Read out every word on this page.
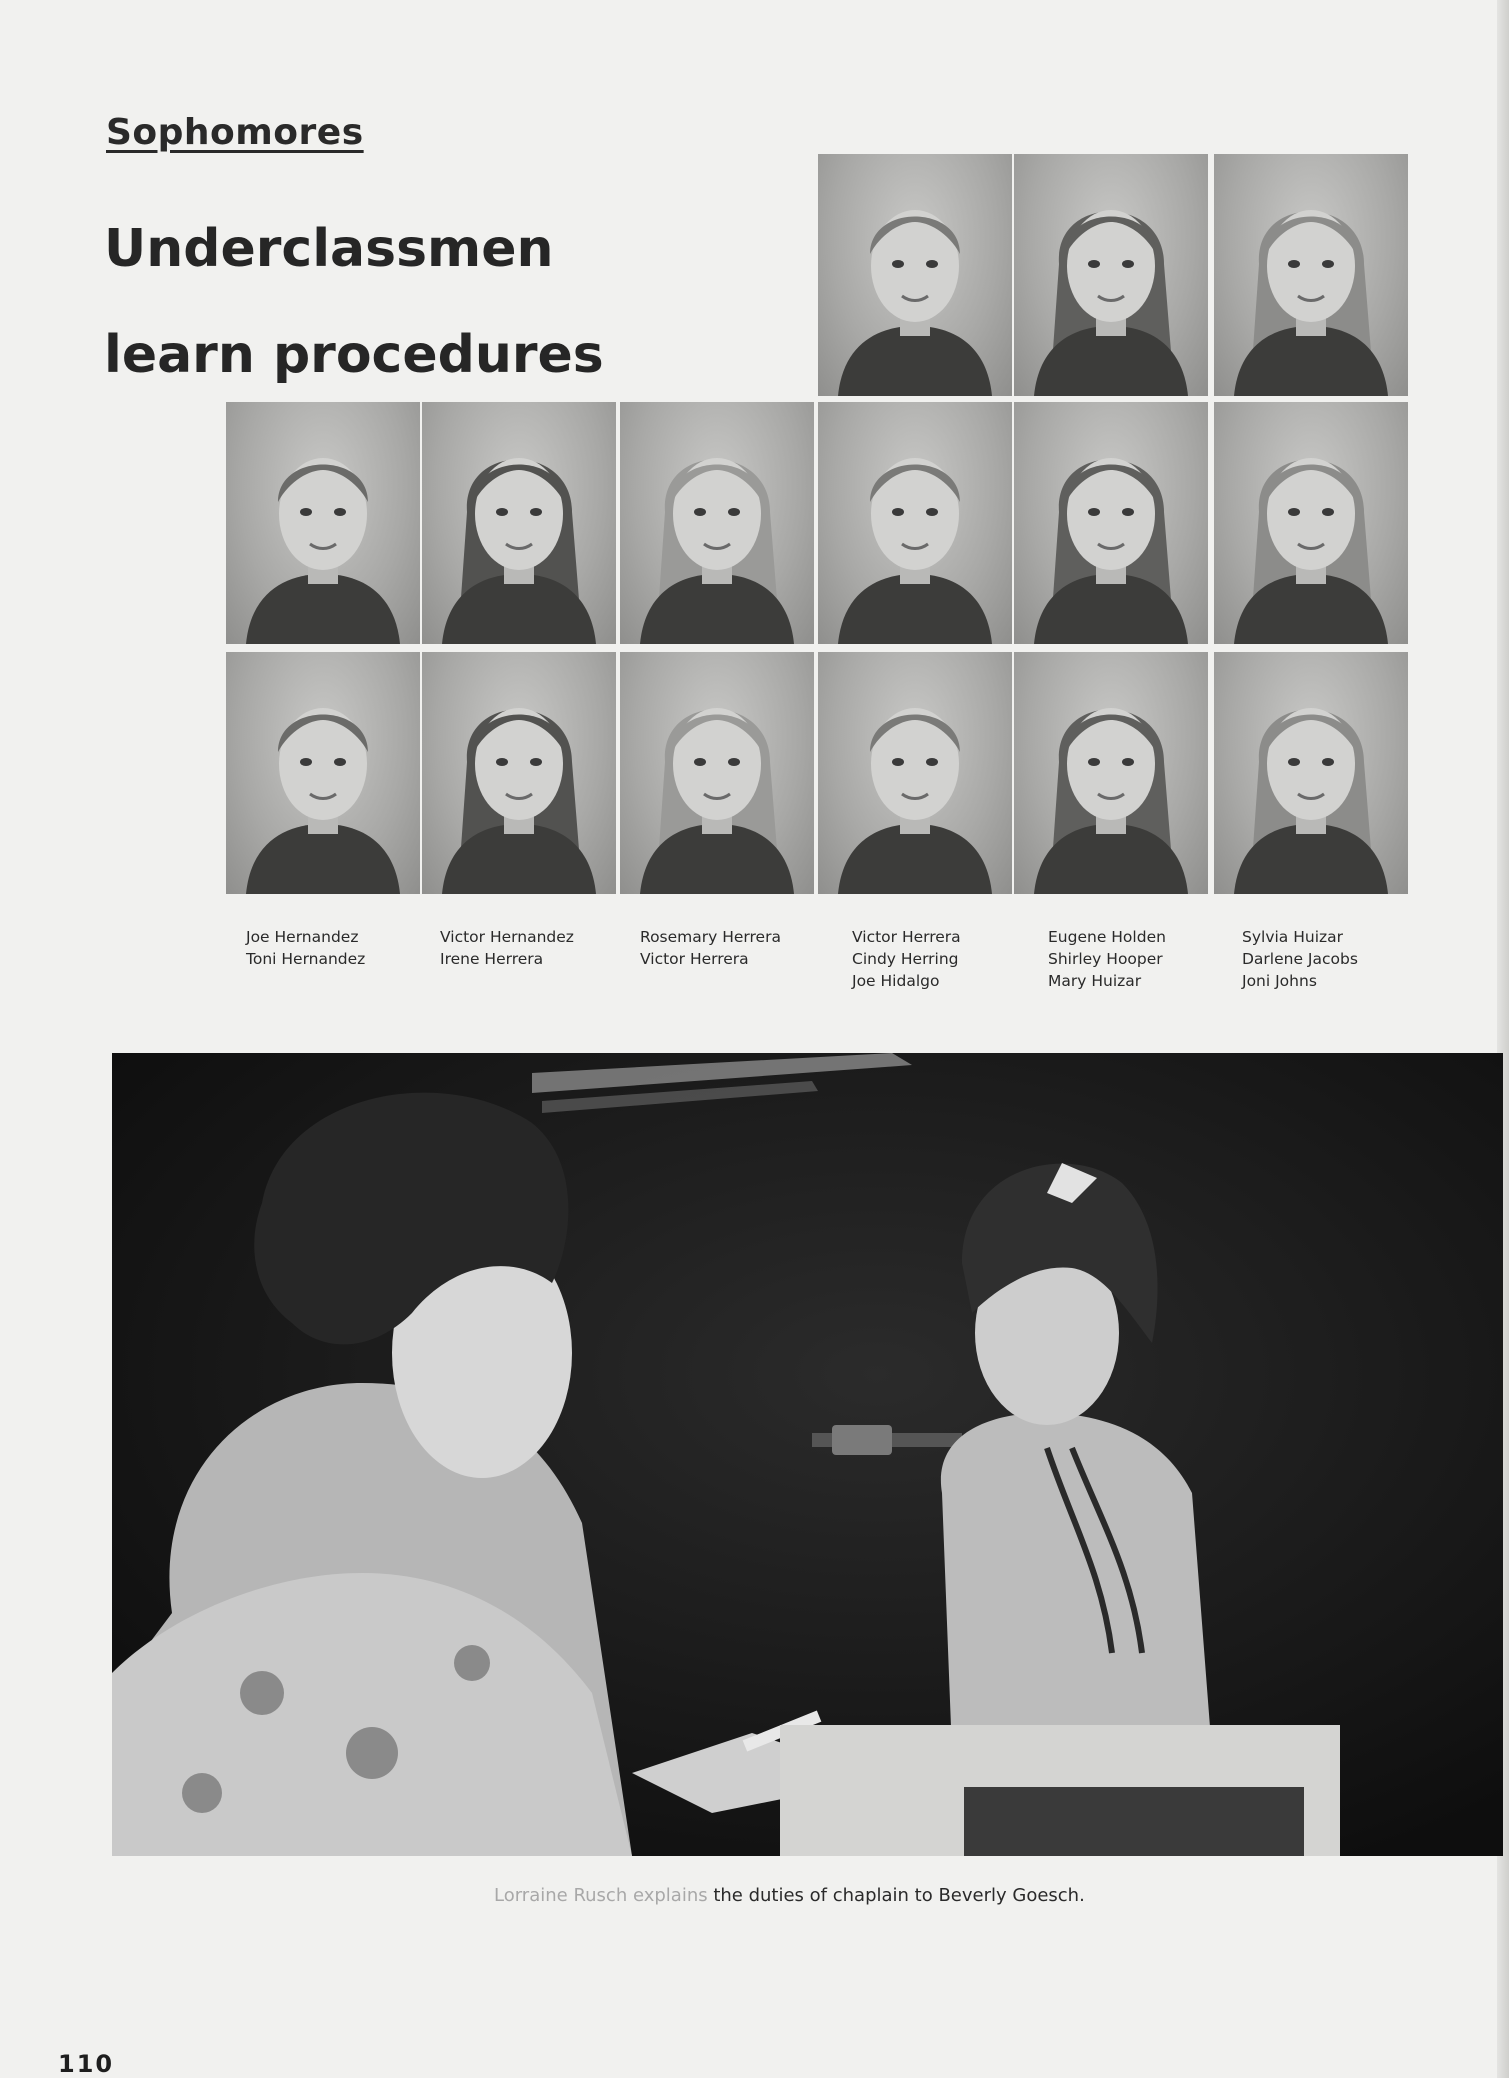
Sophomores
Underclassmen
learn procedures
Joe Hernandez
Toni Hernandez
Victor Hernandez
Irene Herrera
Rosemary Herrera
Victor Herrera
Victor Herrera
Cindy Herring
Joe Hidalgo
Eugene Holden
Shirley Hooper
Mary Huizar
Sylvia Huizar
Darlene Jacobs
Joni Johns
Lorraine Rusch explains the duties of chaplain to Beverly Goesch.
110
